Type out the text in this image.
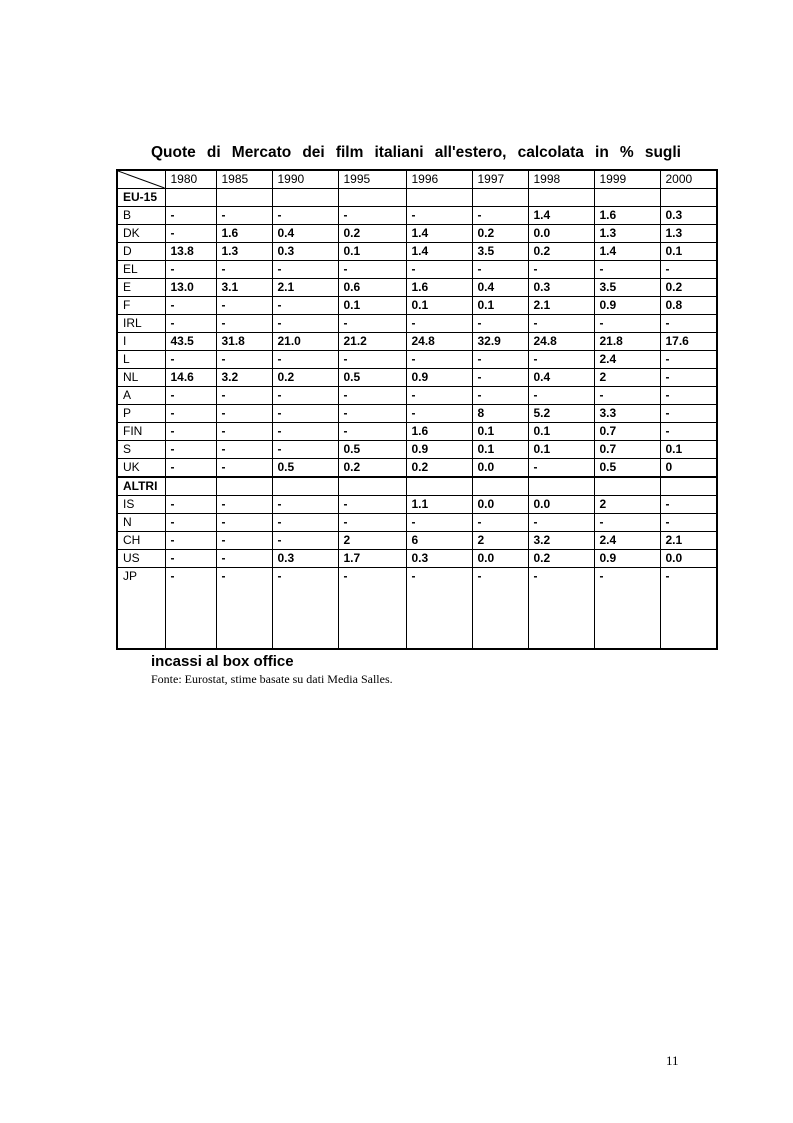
Quote di Mercato dei film italiani all'estero, calcolata in % sugli
	1980	1985	1990	1995	1996	1997	1998	1999	2000
EU-15									
B	-	-	-	-	-	-	1.4	1.6	0.3
DK	-	1.6	0.4	0.2	1.4	0.2	0.0	1.3	1.3
D	13.8	1.3	0.3	0.1	1.4	3.5	0.2	1.4	0.1
EL	-	-	-	-	-	-	-	-	-
E	13.0	3.1	2.1	0.6	1.6	0.4	0.3	3.5	0.2
F	-	-	-	0.1	0.1	0.1	2.1	0.9	0.8
IRL	-	-	-	-	-	-	-	-	-
I	43.5	31.8	21.0	21.2	24.8	32.9	24.8	21.8	17.6
L	-	-	-	-	-	-	-	2.4	-
NL	14.6	3.2	0.2	0.5	0.9	-	0.4	2	-
A	-	-	-	-	-	-	-	-	-
P	-	-	-	-	-	8	5.2	3.3	-
FIN	-	-	-	-	1.6	0.1	0.1	0.7	-
S	-	-	-	0.5	0.9	0.1	0.1	0.7	0.1
UK	-	-	0.5	0.2	0.2	0.0	-	0.5	0
ALTRI									
IS	-	-	-	-	1.1	0.0	0.0	2	-
N	-	-	-	-	-	-	-	-	-
CH	-	-	-	2	6	2	3.2	2.4	2.1
US	-	-	0.3	1.7	0.3	0.0	0.2	0.9	0.0
JP	-	-	-	-	-	-	-	-	-
incassi al box office
Fonte: Eurostat, stime basate su dati Media Salles.
11
